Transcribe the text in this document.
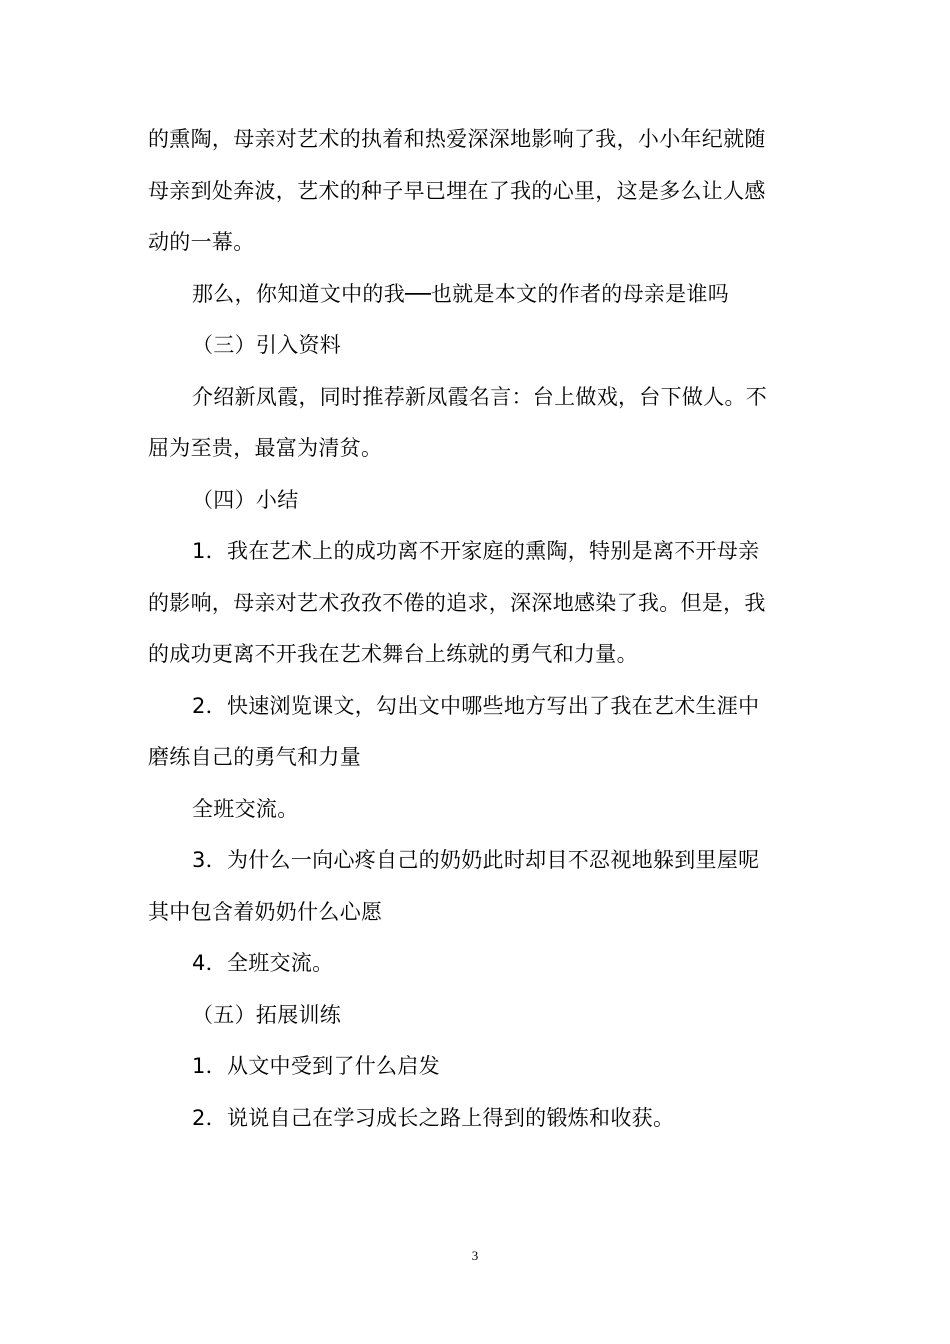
的熏陶，母亲对艺术的执着和热爱深深地影响了我，小小年纪就随
母亲到处奔波，艺术的种子早已埋在了我的心里，这是多么让人感
动的一幕。
那么，你知道文中的我──也就是本文的作者的母亲是谁吗
（三）引入资料
介绍新凤霞，同时推荐新凤霞名言：台上做戏，台下做人。不
屈为至贵，最富为清贫。
（四）小结
1．我在艺术上的成功离不开家庭的熏陶，特别是离不开母亲
的影响，母亲对艺术孜孜不倦的追求，深深地感染了我。但是，我
的成功更离不开我在艺术舞台上练就的勇气和力量。
2．快速浏览课文，勾出文中哪些地方写出了我在艺术生涯中
磨练自己的勇气和力量
全班交流。
3．为什么一向心疼自己的奶奶此时却目不忍视地躲到里屋呢
其中包含着奶奶什么心愿
4．全班交流。
（五）拓展训练
1．从文中受到了什么启发
2．说说自己在学习成长之路上得到的锻炼和收获。
3
